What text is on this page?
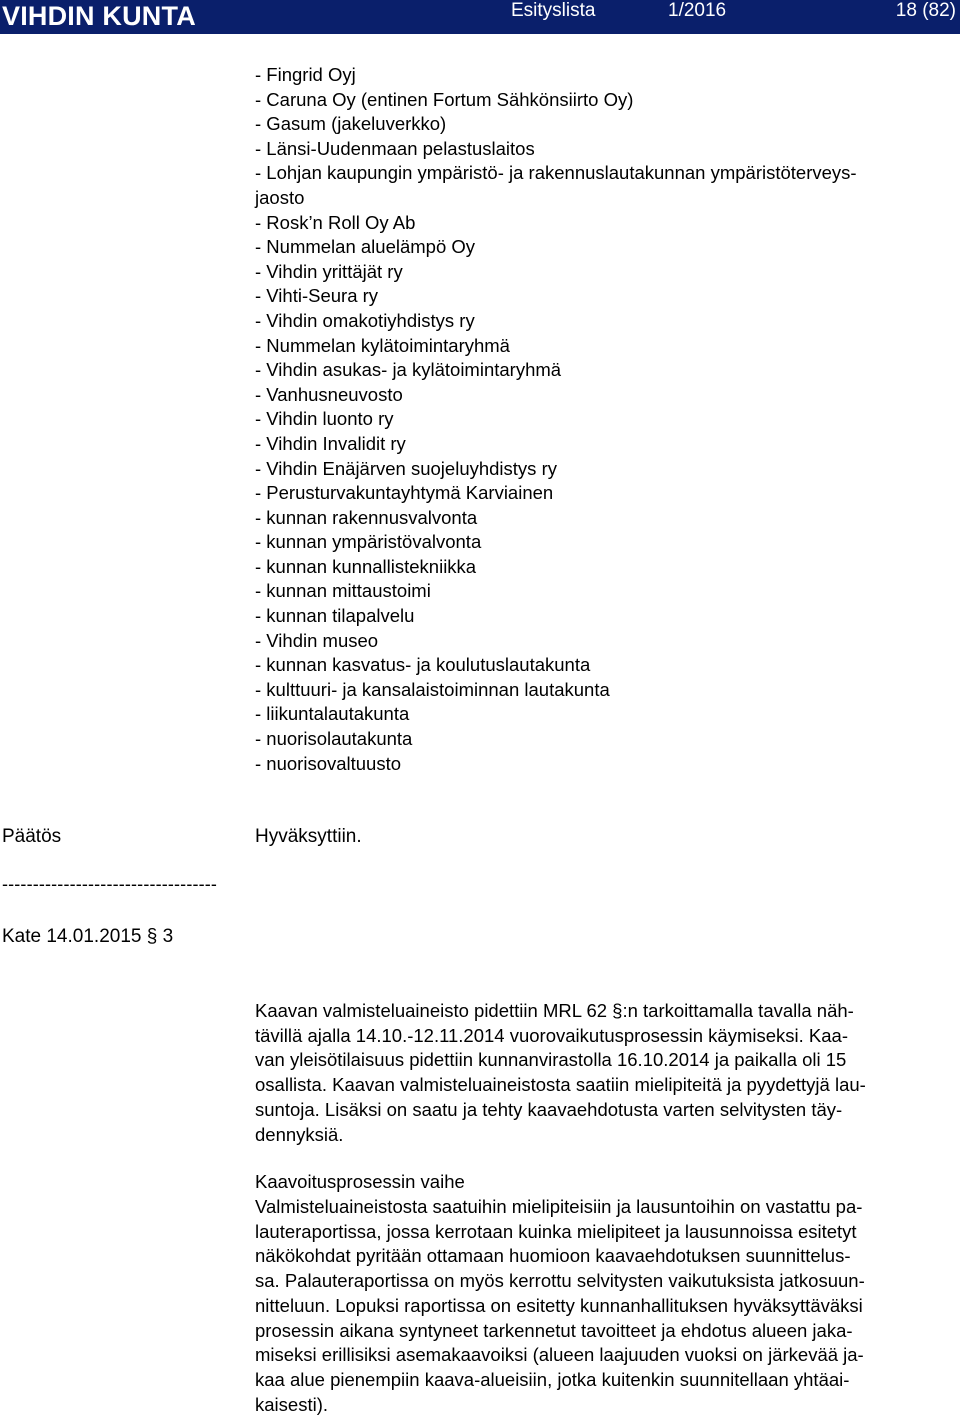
VIHDIN KUNTA	Esityslista	1/2016	18 (82)
- Fingrid Oyj
- Caruna Oy (entinen Fortum Sähkönsiirto Oy)
- Gasum (jakeluverkko)
- Länsi-Uudenmaan pelastuslaitos
- Lohjan kaupungin ympäristö- ja rakennuslautakunnan ympäristöterveys-
jaosto
- Rosk’n Roll Oy Ab
- Nummelan aluelämpö Oy
- Vihdin yrittäjät ry
- Vihti-Seura ry
- Vihdin omakotiyhdistys ry
- Nummelan kylätoimintaryhmä
- Vihdin asukas- ja kylätoimintaryhmä
- Vanhusneuvosto
- Vihdin luonto ry
- Vihdin Invalidit ry
- Vihdin Enäjärven suojeluyhdistys ry
- Perusturvakuntayhtymä Karviainen
- kunnan rakennusvalvonta
- kunnan ympäristövalvonta
- kunnan kunnallistekniikka
- kunnan mittaustoimi
- kunnan tilapalvelu
- Vihdin museo
- kunnan kasvatus- ja koulutuslautakunta
- kulttuuri- ja kansalaistoiminnan lautakunta
- liikuntalautakunta
- nuorisolautakunta
- nuorisovaltuusto
Päätös	Hyväksyttiin.
-----------------------------------
Kate 14.01.2015 § 3
Kaavan valmisteluaineisto pidettiin MRL 62 §:n tarkoittamalla tavalla näh-
tävillä ajalla 14.10.-12.11.2014 vuorovaikutusprosessin käymiseksi. Kaa-
van yleisötilaisuus pidettiin kunnanvirastolla 16.10.2014 ja paikalla oli 15
osallista. Kaavan valmisteluaineistosta saatiin mielipiteitä ja pyydettyjä lau-
suntoja. Lisäksi on saatu ja tehty kaavaehdotusta varten selvitysten täy-
dennyksiä.
Kaavoitusprosessin vaihe
Valmisteluaineistosta saatuihin mielipiteisiin ja lausuntoihin on vastattu pa-
lauteraportissa, jossa kerrotaan kuinka mielipiteet ja lausunnoissa esitetyt
näkökohdat pyritään ottamaan huomioon kaavaehdotuksen suunnittelus-
sa. Palauteraportissa on myös kerrottu selvitysten vaikutuksista jatkosuun-
nitteluun. Lopuksi raportissa on esitetty kunnanhallituksen hyväksyttäväksi
prosessin aikana syntyneet tarkennetut tavoitteet ja ehdotus alueen jaka-
miseksi erillisiksi asemakaavoiksi (alueen laajuuden vuoksi on järkevää ja-
kaa alue pienempiin kaava-alueisiin, jotka kuitenkin suunnitellaan yhtäai-
kaisesti).
